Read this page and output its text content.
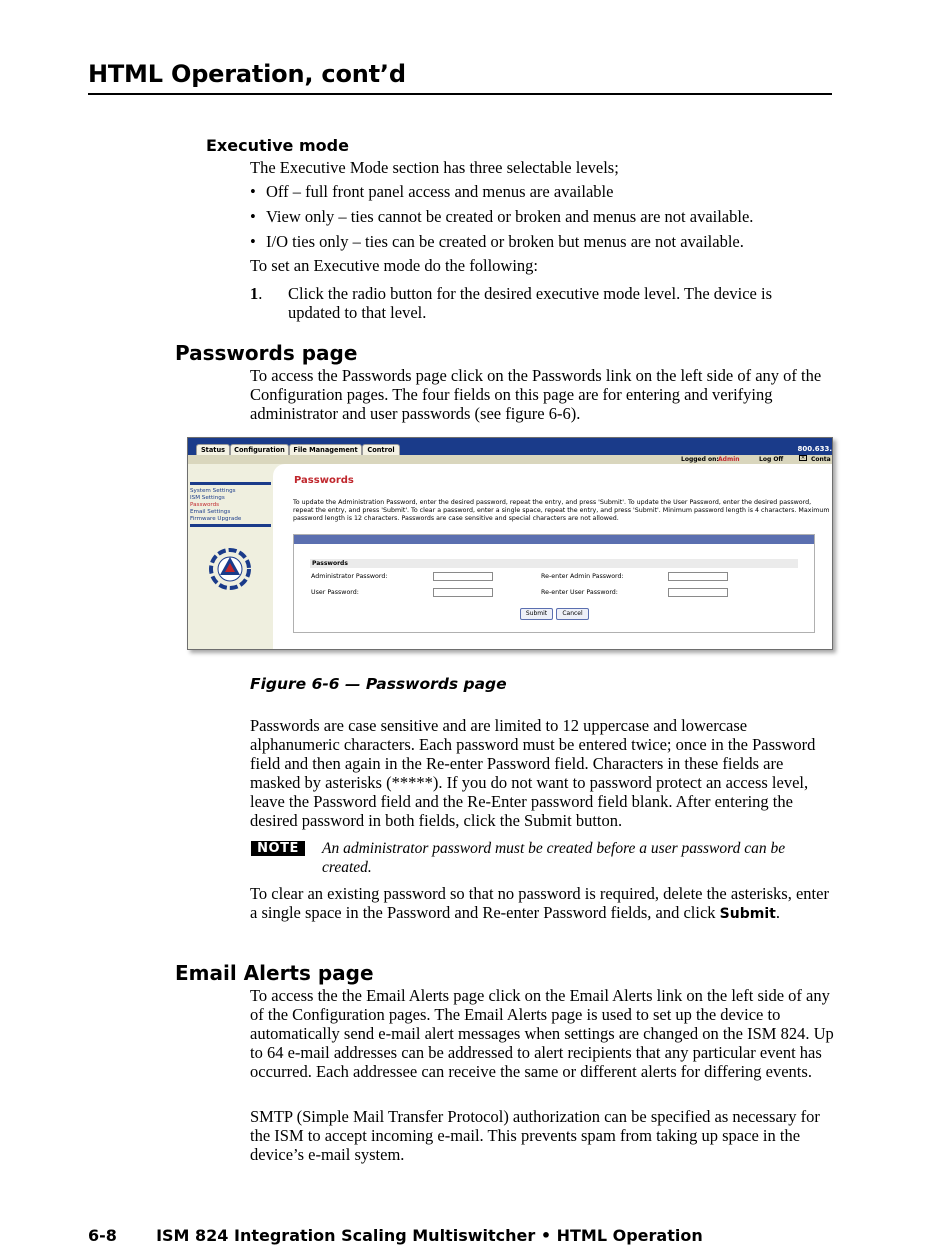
HTML Operation, cont’d
Executive mode
The Executive Mode section has three selectable levels;
• Off – full front panel access and menus are available
• View only – ties cannot be created or broken and menus are not available.
• I/O ties only – ties can be created or broken but menus are not available.
To set an Executive mode do the following:
1. Click the radio button for the desired executive mode level. The device is updated to that level.
Passwords page
To access the Passwords page click on the Passwords link on the left side of any of the Configuration pages. The four fields on this page are for entering and verifying administrator and user passwords (see figure 6-6).
Status	Configuration	File Management	Control	800.633.
Logged on: Admin	Log Off	✕ Conta
System Settings
ISM Settings
Passwords
Email Settings
Firmware Upgrade
Passwords
To update the Administration Password, enter the desired password, repeat the entry, and press 'Submit'. To update the User Password, enter the desired password, repeat the entry, and press 'Submit'. To clear a password, enter a single space, repeat the entry, and press 'Submit'. Minimum password length is 4 characters. Maximum password length is 12 characters. Passwords are case sensitive and special characters are not allowed.
Passwords
Administrator Password:	Re-enter Admin Password:
User Password:	Re-enter User Password:
Submit	Cancel
Figure 6-6 — Passwords page
Passwords are case sensitive and are limited to 12 uppercase and lowercase alphanumeric characters. Each password must be entered twice; once in the Password field and then again in the Re-enter Password field. Characters in these fields are masked by asterisks (*****). If you do not want to password protect an access level, leave the Password field and the Re-Enter password field blank. After entering the desired password in both fields, click the Submit button.
NOTE	An administrator password must be created before a user password can be created.
To clear an existing password so that no password is required, delete the asterisks, enter a single space in the Password and Re-enter Password fields, and click Submit.
Email Alerts page
To access the the Email Alerts page click on the Email Alerts link on the left side of any of the Configuration pages. The Email Alerts page is used to set up the device to automatically send e-mail alert messages when settings are changed on the ISM 824. Up to 64 e-mail addresses can be addressed to alert recipients that any particular event has occurred. Each addressee can receive the same or different alerts for differing events.
SMTP (Simple Mail Transfer Protocol) authorization can be specified as necessary for the ISM to accept incoming e-mail. This prevents spam from taking up space in the device’s e-mail system.
6-8 ISM 824 Integration Scaling Multiswitcher • HTML Operation
